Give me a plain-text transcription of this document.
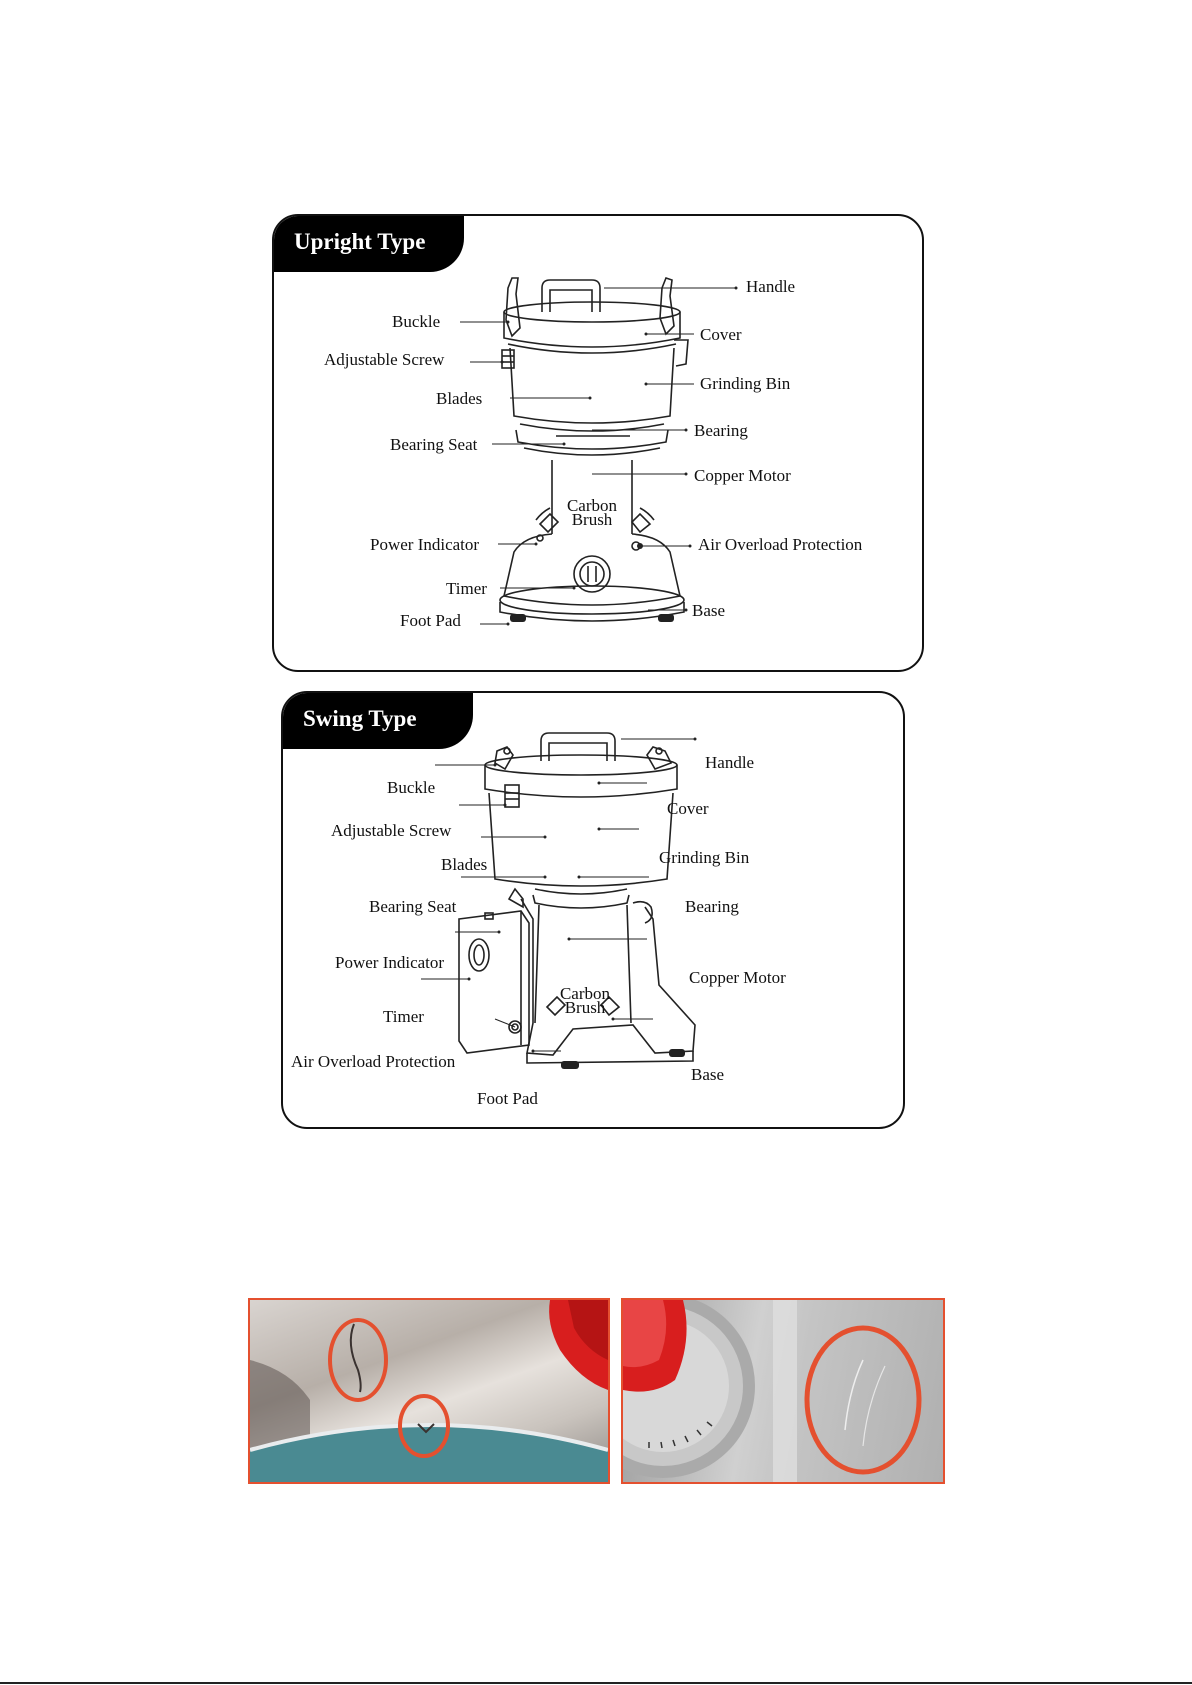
Upright Type
Handle
Buckle
Cover
Adjustable Screw
Grinding Bin
Blades
Bearing
Bearing Seat
Copper Motor
Carbon
Brush
Power Indicator	Air Overload Protection
Timer
Base
Foot Pad
Swing Type
Handle
Buckle
Cover
Adjustable Screw
Grinding Bin
Blades
Bearing Seat	Bearing
Power Indicator
Copper Motor
Carbon
Brush
Timer
Air Overload Protection
Base
Foot Pad
